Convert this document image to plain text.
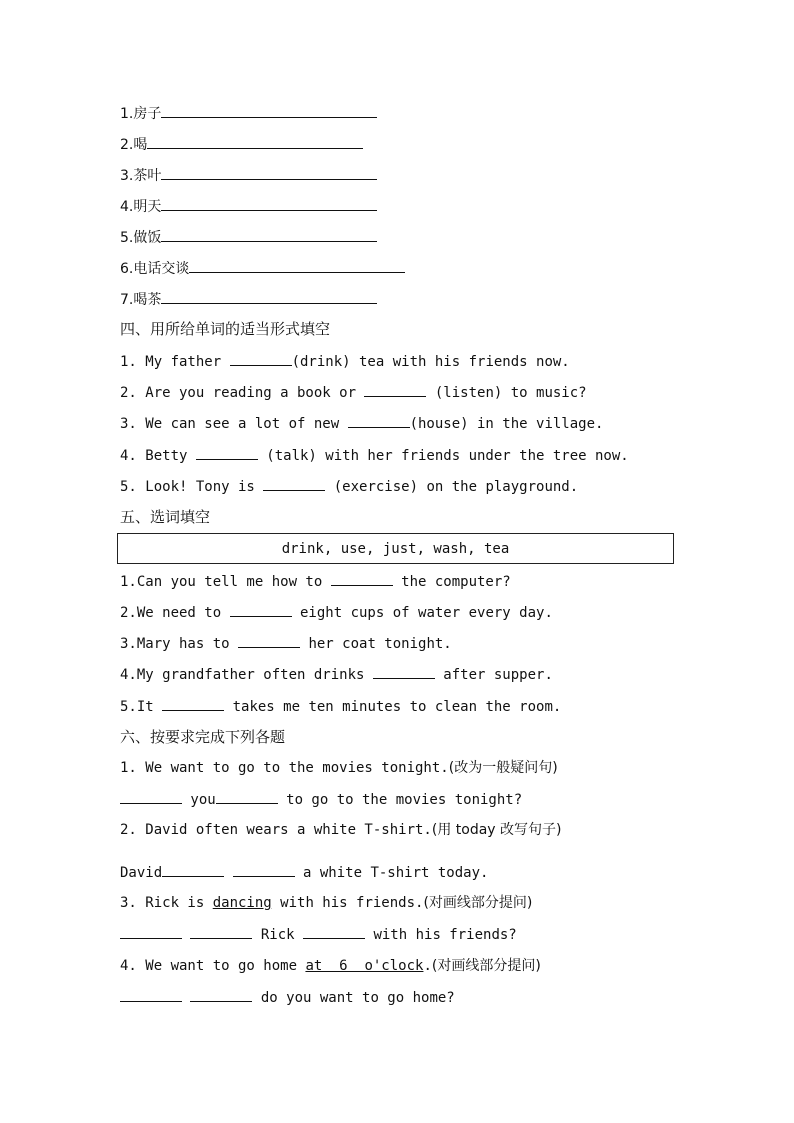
1.房子
2.喝
3.茶叶
4.明天
5.做饭
6.电话交谈
7.喝茶
四、用所给单词的适当形式填空
1. My father	(drink) tea with his friends now.
2. Are you reading a book or	(listen) to music?
3. We can see a lot of new	(house) in the village.
4. Betty	(talk) with her friends under the tree now.
5. Look! Tony is	(exercise) on the playground.
五、选词填空
drink, use, just, wash, tea
1.Can you tell me how to	the computer?
2.We need to	eight cups of water every day.
3.Mary has to	her coat tonight.
4.My grandfather often drinks	after supper.
5.It	takes me ten minutes to clean the room.
六、按要求完成下列各题
1. We want to go to the movies tonight.(改为一般疑问句)
you	to go to the movies tonight?
2. David often wears a white T-shirt.(用 today 改写句子)
David	a white T-shirt today.
3. Rick is dancing with his friends.(对画线部分提问)
Rick	with his friends?
4. We want to go home at  6  o'clock.(对画线部分提问)
do you want to go home?
